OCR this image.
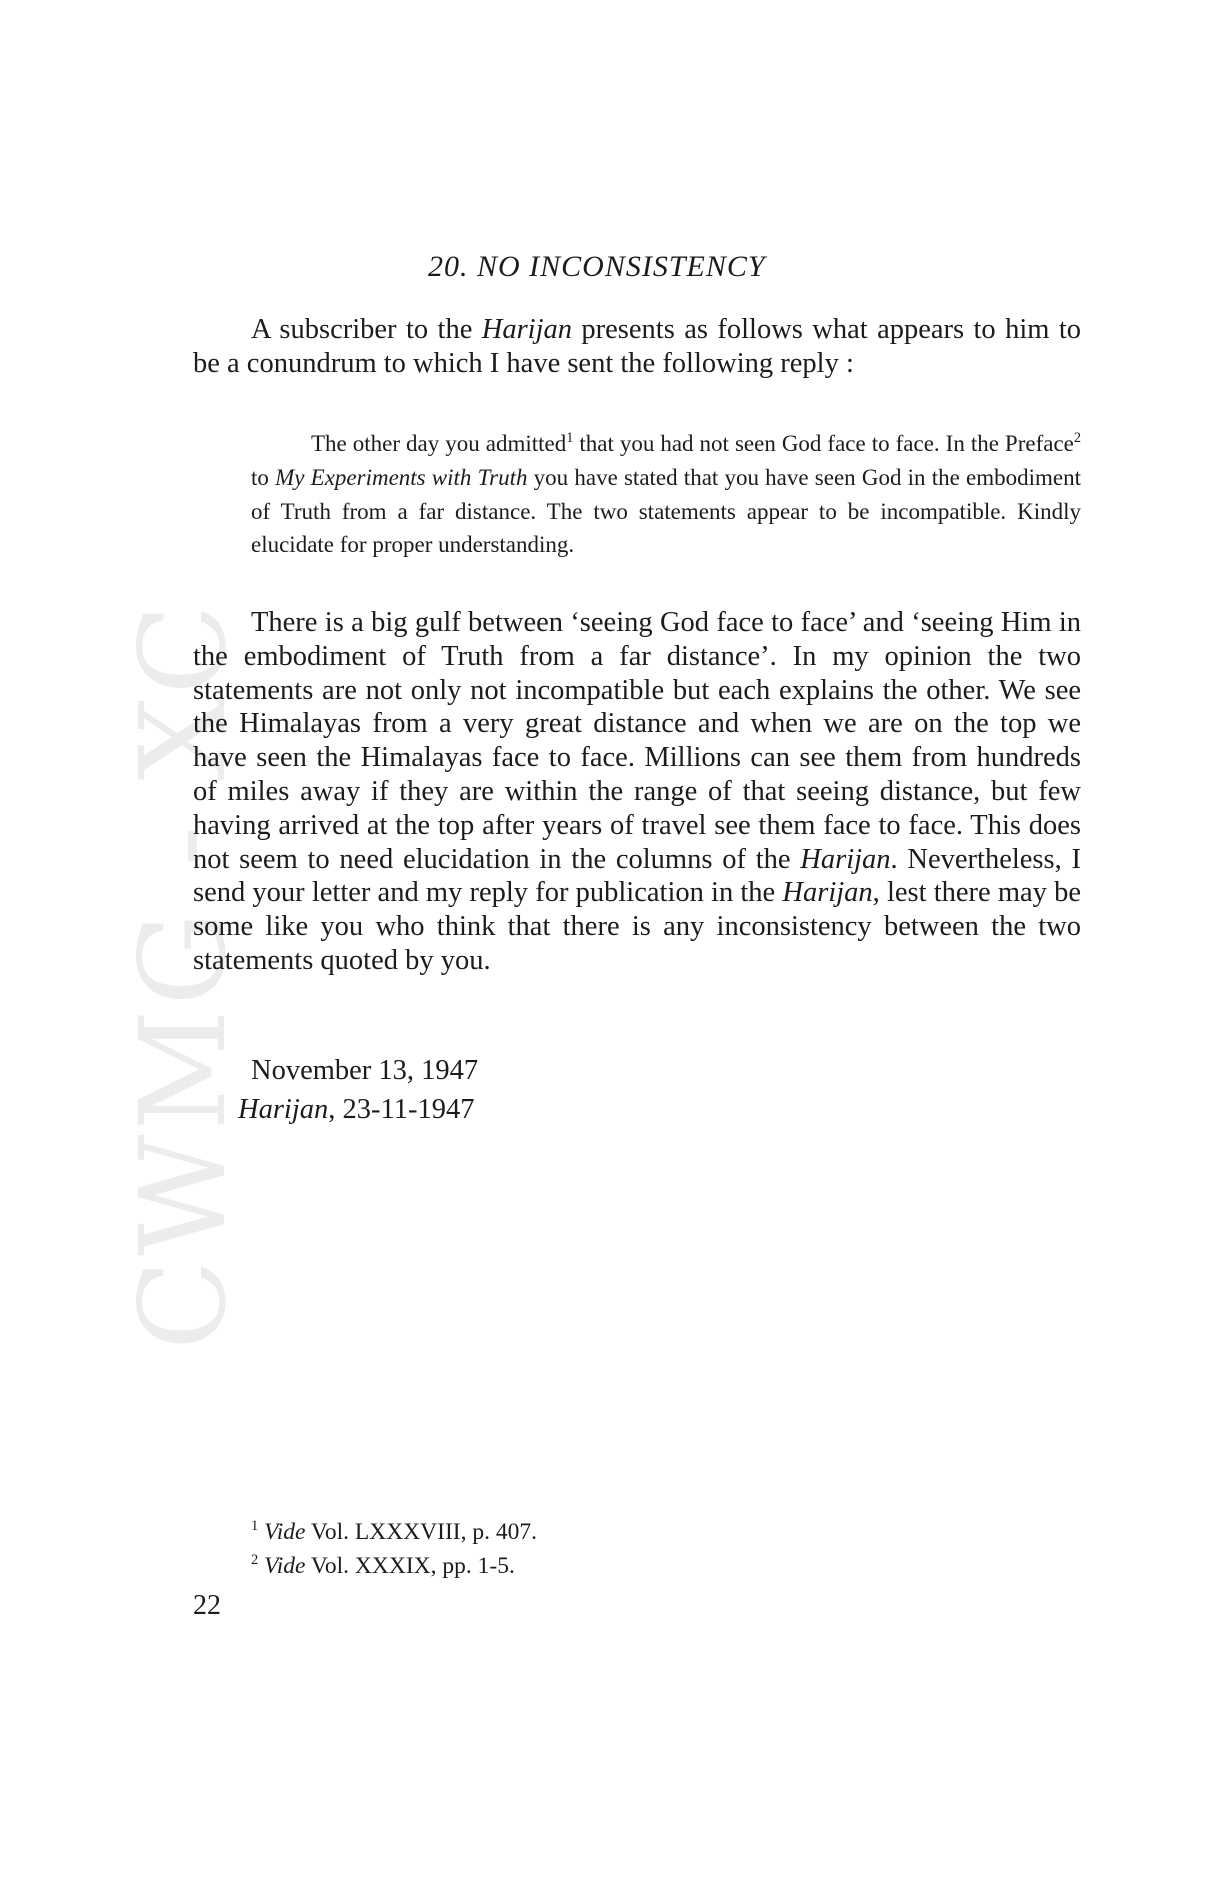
CWMG - XC
20. NO INCONSISTENCY

A subscriber to the Harijan presents as follows what appears to him to be a conundrum to which I have sent the following reply :

The other day you admitted$^1$ that you had not seen God face to face. In the Preface$^2$ to My Experiments with Truth you have stated that you have seen God in the embodiment of Truth from a far distance. The two statements appear to be incompatible. Kindly elucidate for proper understanding.

There is a big gulf between ‘seeing God face to face’ and ‘seeing Him in the embodiment of Truth from a far distance’. In my opinion the two statements are not only not incompatible but each explains the other. We see the Himalayas from a very great distance and when we are on the top we have seen the Himalayas face to face. Millions can see them from hundreds of miles away if they are within the range of that seeing distance, but few having arrived at the top after years of travel see them face to face. This does not seem to need elucidation in the columns of the Harijan. Nevertheless, I send your letter and my reply for publication in the Harijan, lest there may be some like you who think that there is any inconsistency between the two statements quoted by you.

November 13, 1947
Harijan, 23-11-1947
$^1$ Vide Vol. LXXXVIII, p. 407.
$^2$ Vide Vol. XXXIX, pp. 1-5.
22
